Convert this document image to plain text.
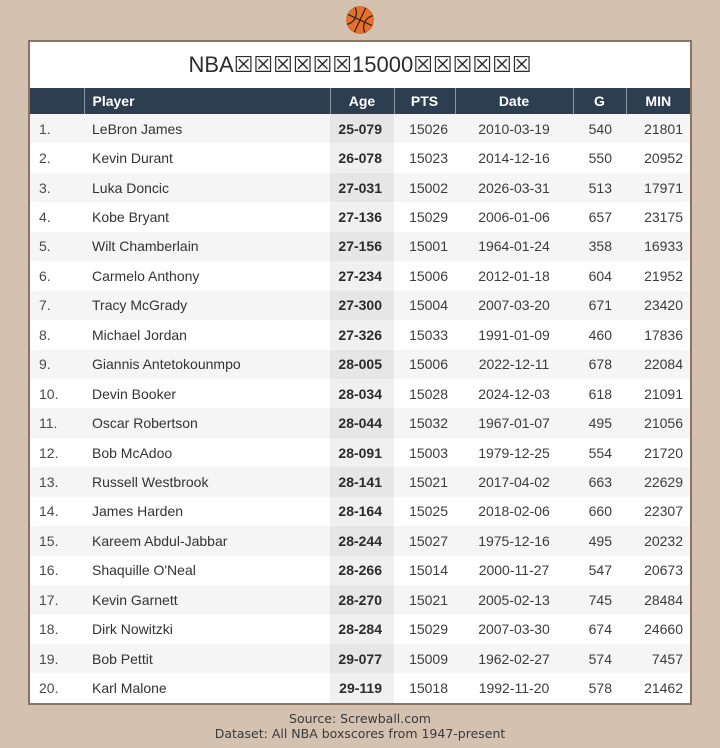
NBA☒☒☒☒☒☒15000☒☒☒☒☒☒
	Player	Age	PTS	Date	G	MIN
1.	LeBron James	25-079	15026	2010-03-19	540	21801
2.	Kevin Durant	26-078	15023	2014-12-16	550	20952
3.	Luka Doncic	27-031	15002	2026-03-31	513	17971
4.	Kobe Bryant	27-136	15029	2006-01-06	657	23175
5.	Wilt Chamberlain	27-156	15001	1964-01-24	358	16933
6.	Carmelo Anthony	27-234	15006	2012-01-18	604	21952
7.	Tracy McGrady	27-300	15004	2007-03-20	671	23420
8.	Michael Jordan	27-326	15033	1991-01-09	460	17836
9.	Giannis Antetokounmpo	28-005	15006	2022-12-11	678	22084
10.	Devin Booker	28-034	15028	2024-12-03	618	21091
11.	Oscar Robertson	28-044	15032	1967-01-07	495	21056
12.	Bob McAdoo	28-091	15003	1979-12-25	554	21720
13.	Russell Westbrook	28-141	15021	2017-04-02	663	22629
14.	James Harden	28-164	15025	2018-02-06	660	22307
15.	Kareem Abdul-Jabbar	28-244	15027	1975-12-16	495	20232
16.	Shaquille O'Neal	28-266	15014	2000-11-27	547	20673
17.	Kevin Garnett	28-270	15021	2005-02-13	745	28484
18.	Dirk Nowitzki	28-284	15029	2007-03-30	674	24660
19.	Bob Pettit	29-077	15009	1962-02-27	574	7457
20.	Karl Malone	29-119	15018	1992-11-20	578	21462
Source: Screwball.com
Dataset: All NBA boxscores from 1947-present
